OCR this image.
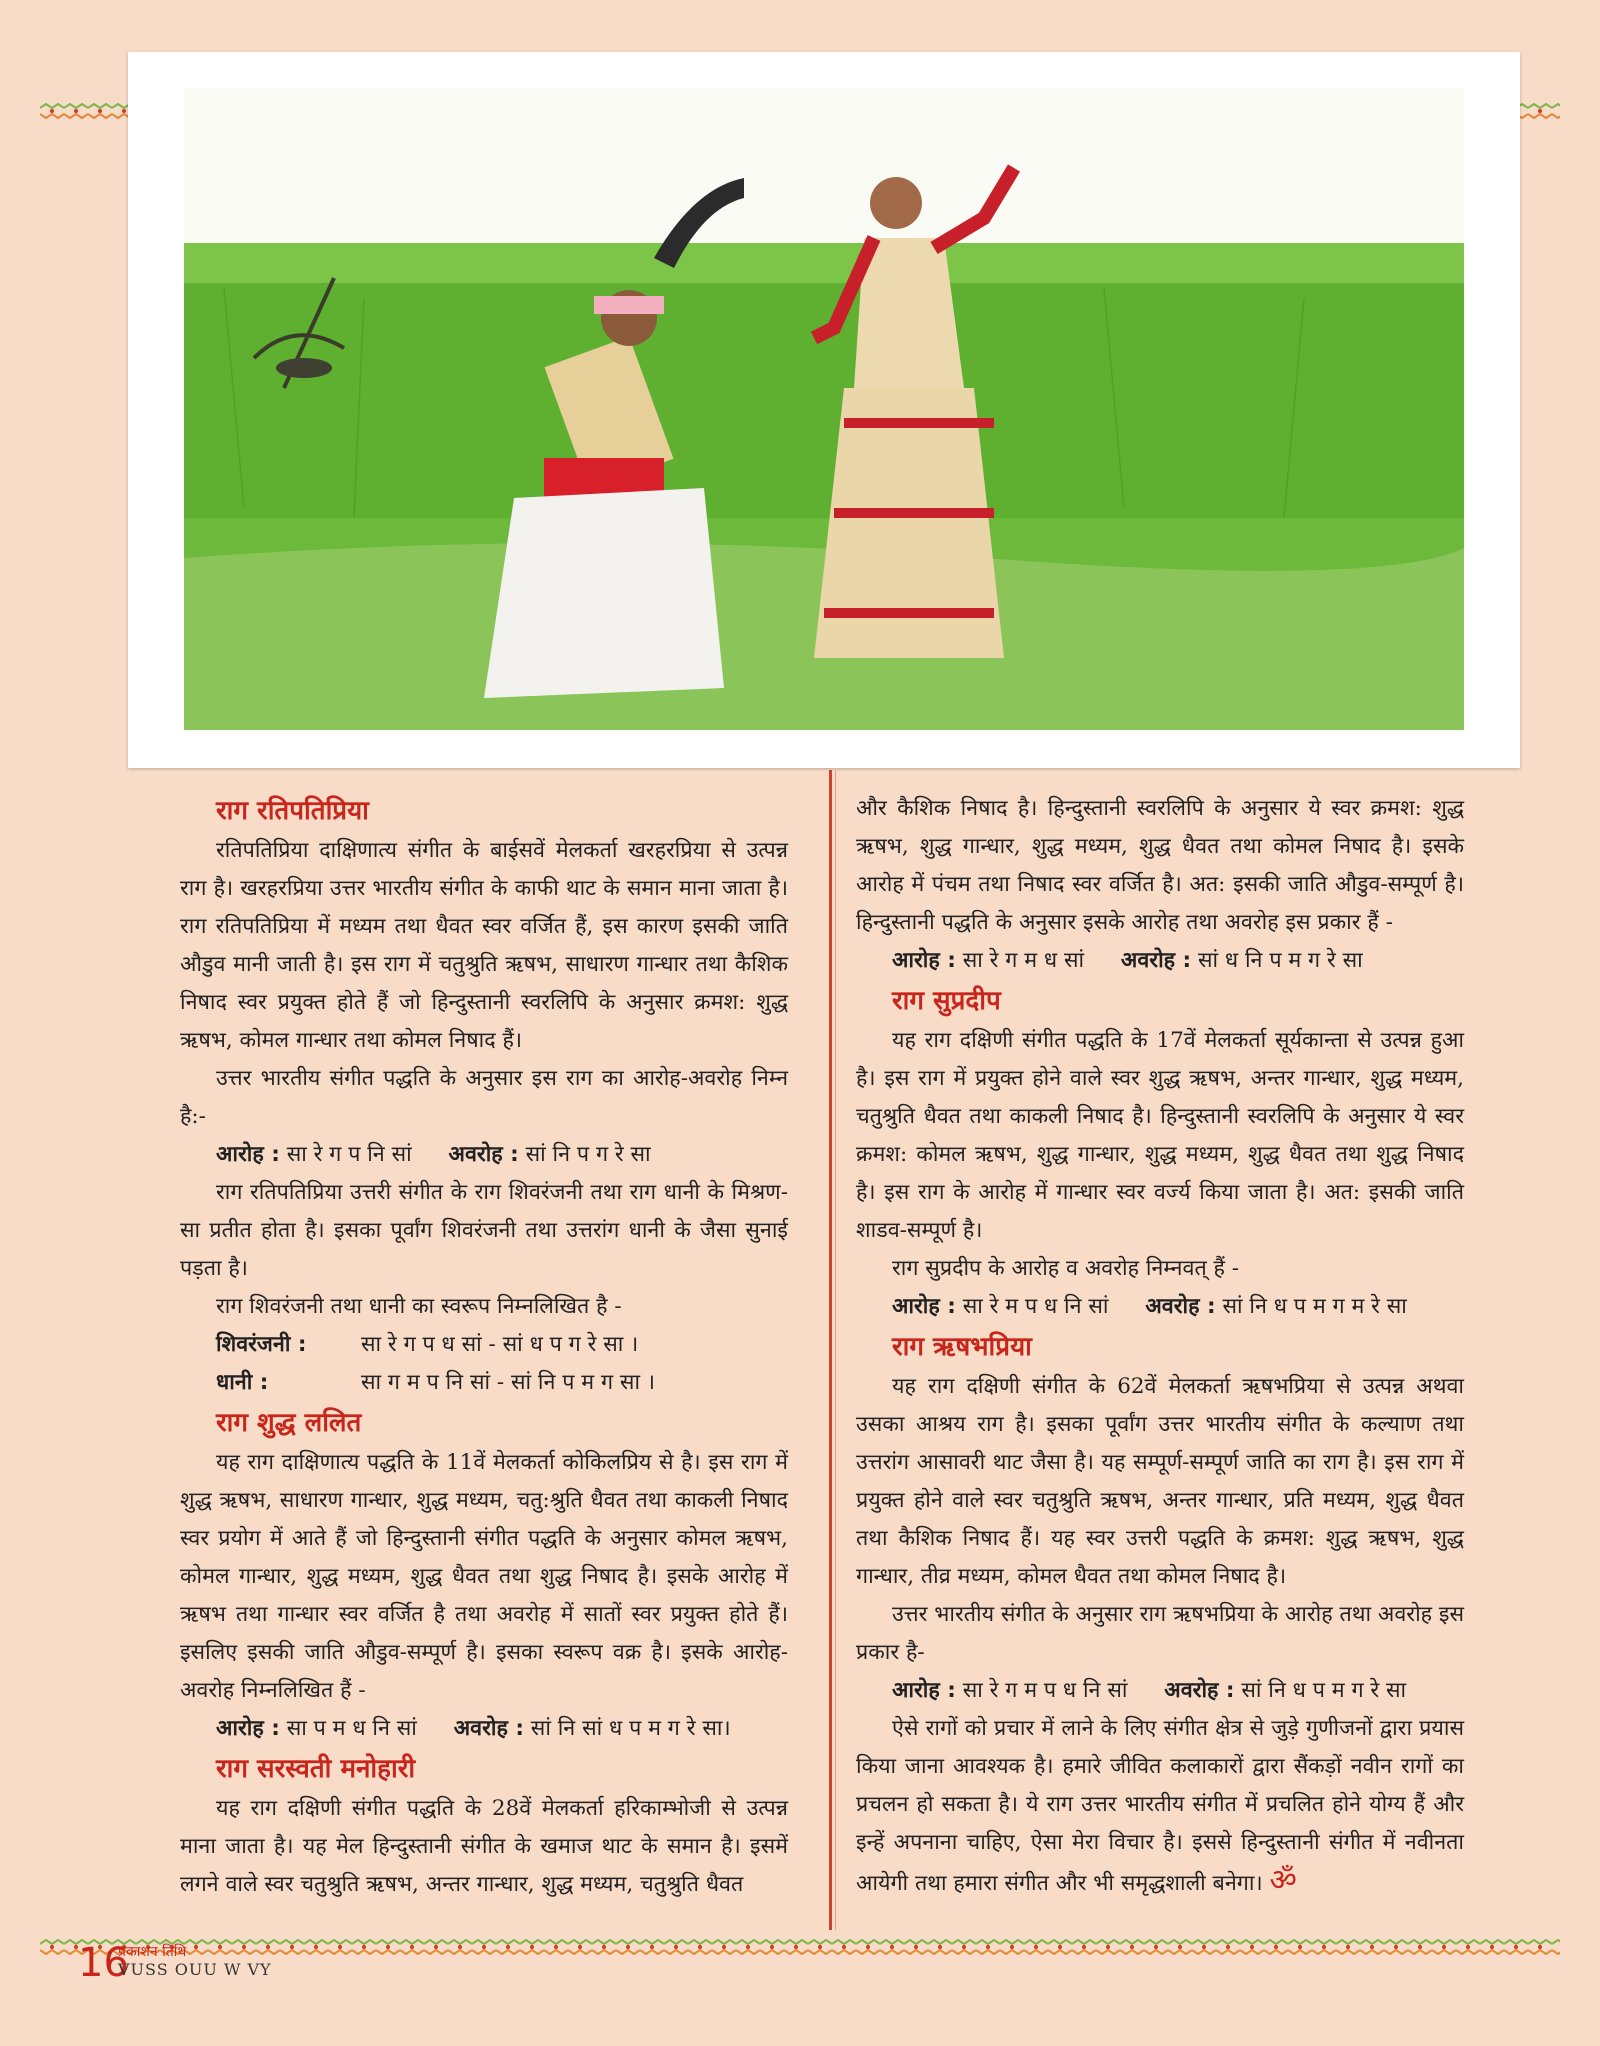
राग रतिपतिप्रिया

रतिपतिप्रिया दाक्षिणात्य संगीत के बाईसवें मेलकर्ता खरहरप्रिया से उत्पन्न राग है। खरहरप्रिया उत्तर भारतीय संगीत के काफी थाट के समान माना जाता है। राग रतिपतिप्रिया में मध्यम तथा धैवत स्वर वर्जित हैं, इस कारण इसकी जाति औडुव मानी जाती है। इस राग में चतुश्रुति ऋषभ, साधारण गान्धार तथा कैशिक निषाद स्वर प्रयुक्त होते हैं जो हिन्दुस्तानी स्वरलिपि के अनुसार क्रमश: शुद्ध ऋषभ, कोमल गान्धार तथा कोमल निषाद हैं।

उत्तर भारतीय संगीत पद्धति के अनुसार इस राग का आरोह-अवरोह निम्न है:-

आरोह : सा रे ग प नि सां अवरोह : सां नि प ग रे सा

राग रतिपतिप्रिया उत्तरी संगीत के राग शिवरंजनी तथा राग धानी के मिश्रण-सा प्रतीत होता है। इसका पूर्वांग शिवरंजनी तथा उत्तरांग धानी के जैसा सुनाई पड़ता है।

राग शिवरंजनी तथा धानी का स्वरूप निम्नलिखित है -

शिवरंजनी :	सा रे ग प ध सां - सां ध प ग रे सा ।
धानी :	सा ग म प नि सां - सां नि प म ग सा ।
राग शुद्ध ललित

यह राग दाक्षिणात्य पद्धति के 11वें मेलकर्ता कोकिलप्रिय से है। इस राग में शुद्ध ऋषभ, साधारण गान्धार, शुद्ध मध्यम, चतु:श्रुति धैवत तथा काकली निषाद स्वर प्रयोग में आते हैं जो हिन्दुस्तानी संगीत पद्धति के अनुसार कोमल ऋषभ, कोमल गान्धार, शुद्ध मध्यम, शुद्ध धैवत तथा शुद्ध निषाद है। इसके आरोह में ऋषभ तथा गान्धार स्वर वर्जित है तथा अवरोह में सातों स्वर प्रयुक्त होते हैं। इसलिए इसकी जाति औडुव-सम्पूर्ण है। इसका स्वरूप वक्र है। इसके आरोह-अवरोह निम्नलिखित हैं -

आरोह : सा प म ध नि सां अवरोह : सां नि सां ध प म ग रे सा।
राग सरस्वती मनोहारी

यह राग दक्षिणी संगीत पद्धति के 28वें मेलकर्ता हरिकाम्भोजी से उत्पन्न माना जाता है। यह मेल हिन्दुस्तानी संगीत के खमाज थाट के समान है। इसमें लगने वाले स्वर चतुश्रुति ऋषभ, अन्तर गान्धार, शुद्ध मध्यम, चतुश्रुति धैवत

और कैशिक निषाद है। हिन्दुस्तानी स्वरलिपि के अनुसार ये स्वर क्रमश: शुद्ध ऋषभ, शुद्ध गान्धार, शुद्ध मध्यम, शुद्ध धैवत तथा कोमल निषाद है। इसके आरोह में पंचम तथा निषाद स्वर वर्जित है। अत: इसकी जाति औडुव-सम्पूर्ण है। हिन्दुस्तानी पद्धति के अनुसार इसके आरोह तथा अवरोह इस प्रकार हैं -

आरोह : सा रे ग म ध सां अवरोह : सां ध नि प म ग रे सा
राग सुप्रदीप

यह राग दक्षिणी संगीत पद्धति के 17वें मेलकर्ता सूर्यकान्ता से उत्पन्न हुआ है। इस राग में प्रयुक्त होने वाले स्वर शुद्ध ऋषभ, अन्तर गान्धार, शुद्ध मध्यम, चतुश्रुति धैवत तथा काकली निषाद है। हिन्दुस्तानी स्वरलिपि के अनुसार ये स्वर क्रमश: कोमल ऋषभ, शुद्ध गान्धार, शुद्ध मध्यम, शुद्ध धैवत तथा शुद्ध निषाद है। इस राग के आरोह में गान्धार स्वर वर्ज्य किया जाता है। अत: इसकी जाति शाडव-सम्पूर्ण है।

राग सुप्रदीप के आरोह व अवरोह निम्नवत् हैं -

आरोह : सा रे म प ध नि सां अवरोह : सां नि ध प म ग म रे सा
राग ऋषभप्रिया

यह राग दक्षिणी संगीत के 62वें मेलकर्ता ऋषभप्रिया से उत्पन्न अथवा उसका आश्रय राग है। इसका पूर्वांग उत्तर भारतीय संगीत के कल्याण तथा उत्तरांग आसावरी थाट जैसा है। यह सम्पूर्ण-सम्पूर्ण जाति का राग है। इस राग में प्रयुक्त होने वाले स्वर चतुश्रुति ऋषभ, अन्तर गान्धार, प्रति मध्यम, शुद्ध धैवत तथा कैशिक निषाद हैं। यह स्वर उत्तरी पद्धति के क्रमश: शुद्ध ऋषभ, शुद्ध गान्धार, तीव्र मध्यम, कोमल धैवत तथा कोमल निषाद है।

उत्तर भारतीय संगीत के अनुसार राग ऋषभप्रिया के आरोह तथा अवरोह इस प्रकार है-

आरोह : सा रे ग म प ध नि सां अवरोह : सां नि ध प म ग रे सा

ऐसे रागों को प्रचार में लाने के लिए संगीत क्षेत्र से जुड़े गुणीजनों द्वारा प्रयास किया जाना आवश्यक है। हमारे जीवित कलाकारों द्वारा सैंकड़ों नवीन रागों का प्रचलन हो सकता है। ये राग उत्तर भारतीय संगीत में प्रचलित होने योग्य हैं और इन्हें अपनाना चाहिए, ऐसा मेरा विचार है। इससे हिन्दुस्तानी संगीत में नवीनता आयेगी तथा हमारा संगीत और भी समृद्धशाली बनेगा। ॐ

16
प्रकाशन तिथि
VUSS OUU W VY
